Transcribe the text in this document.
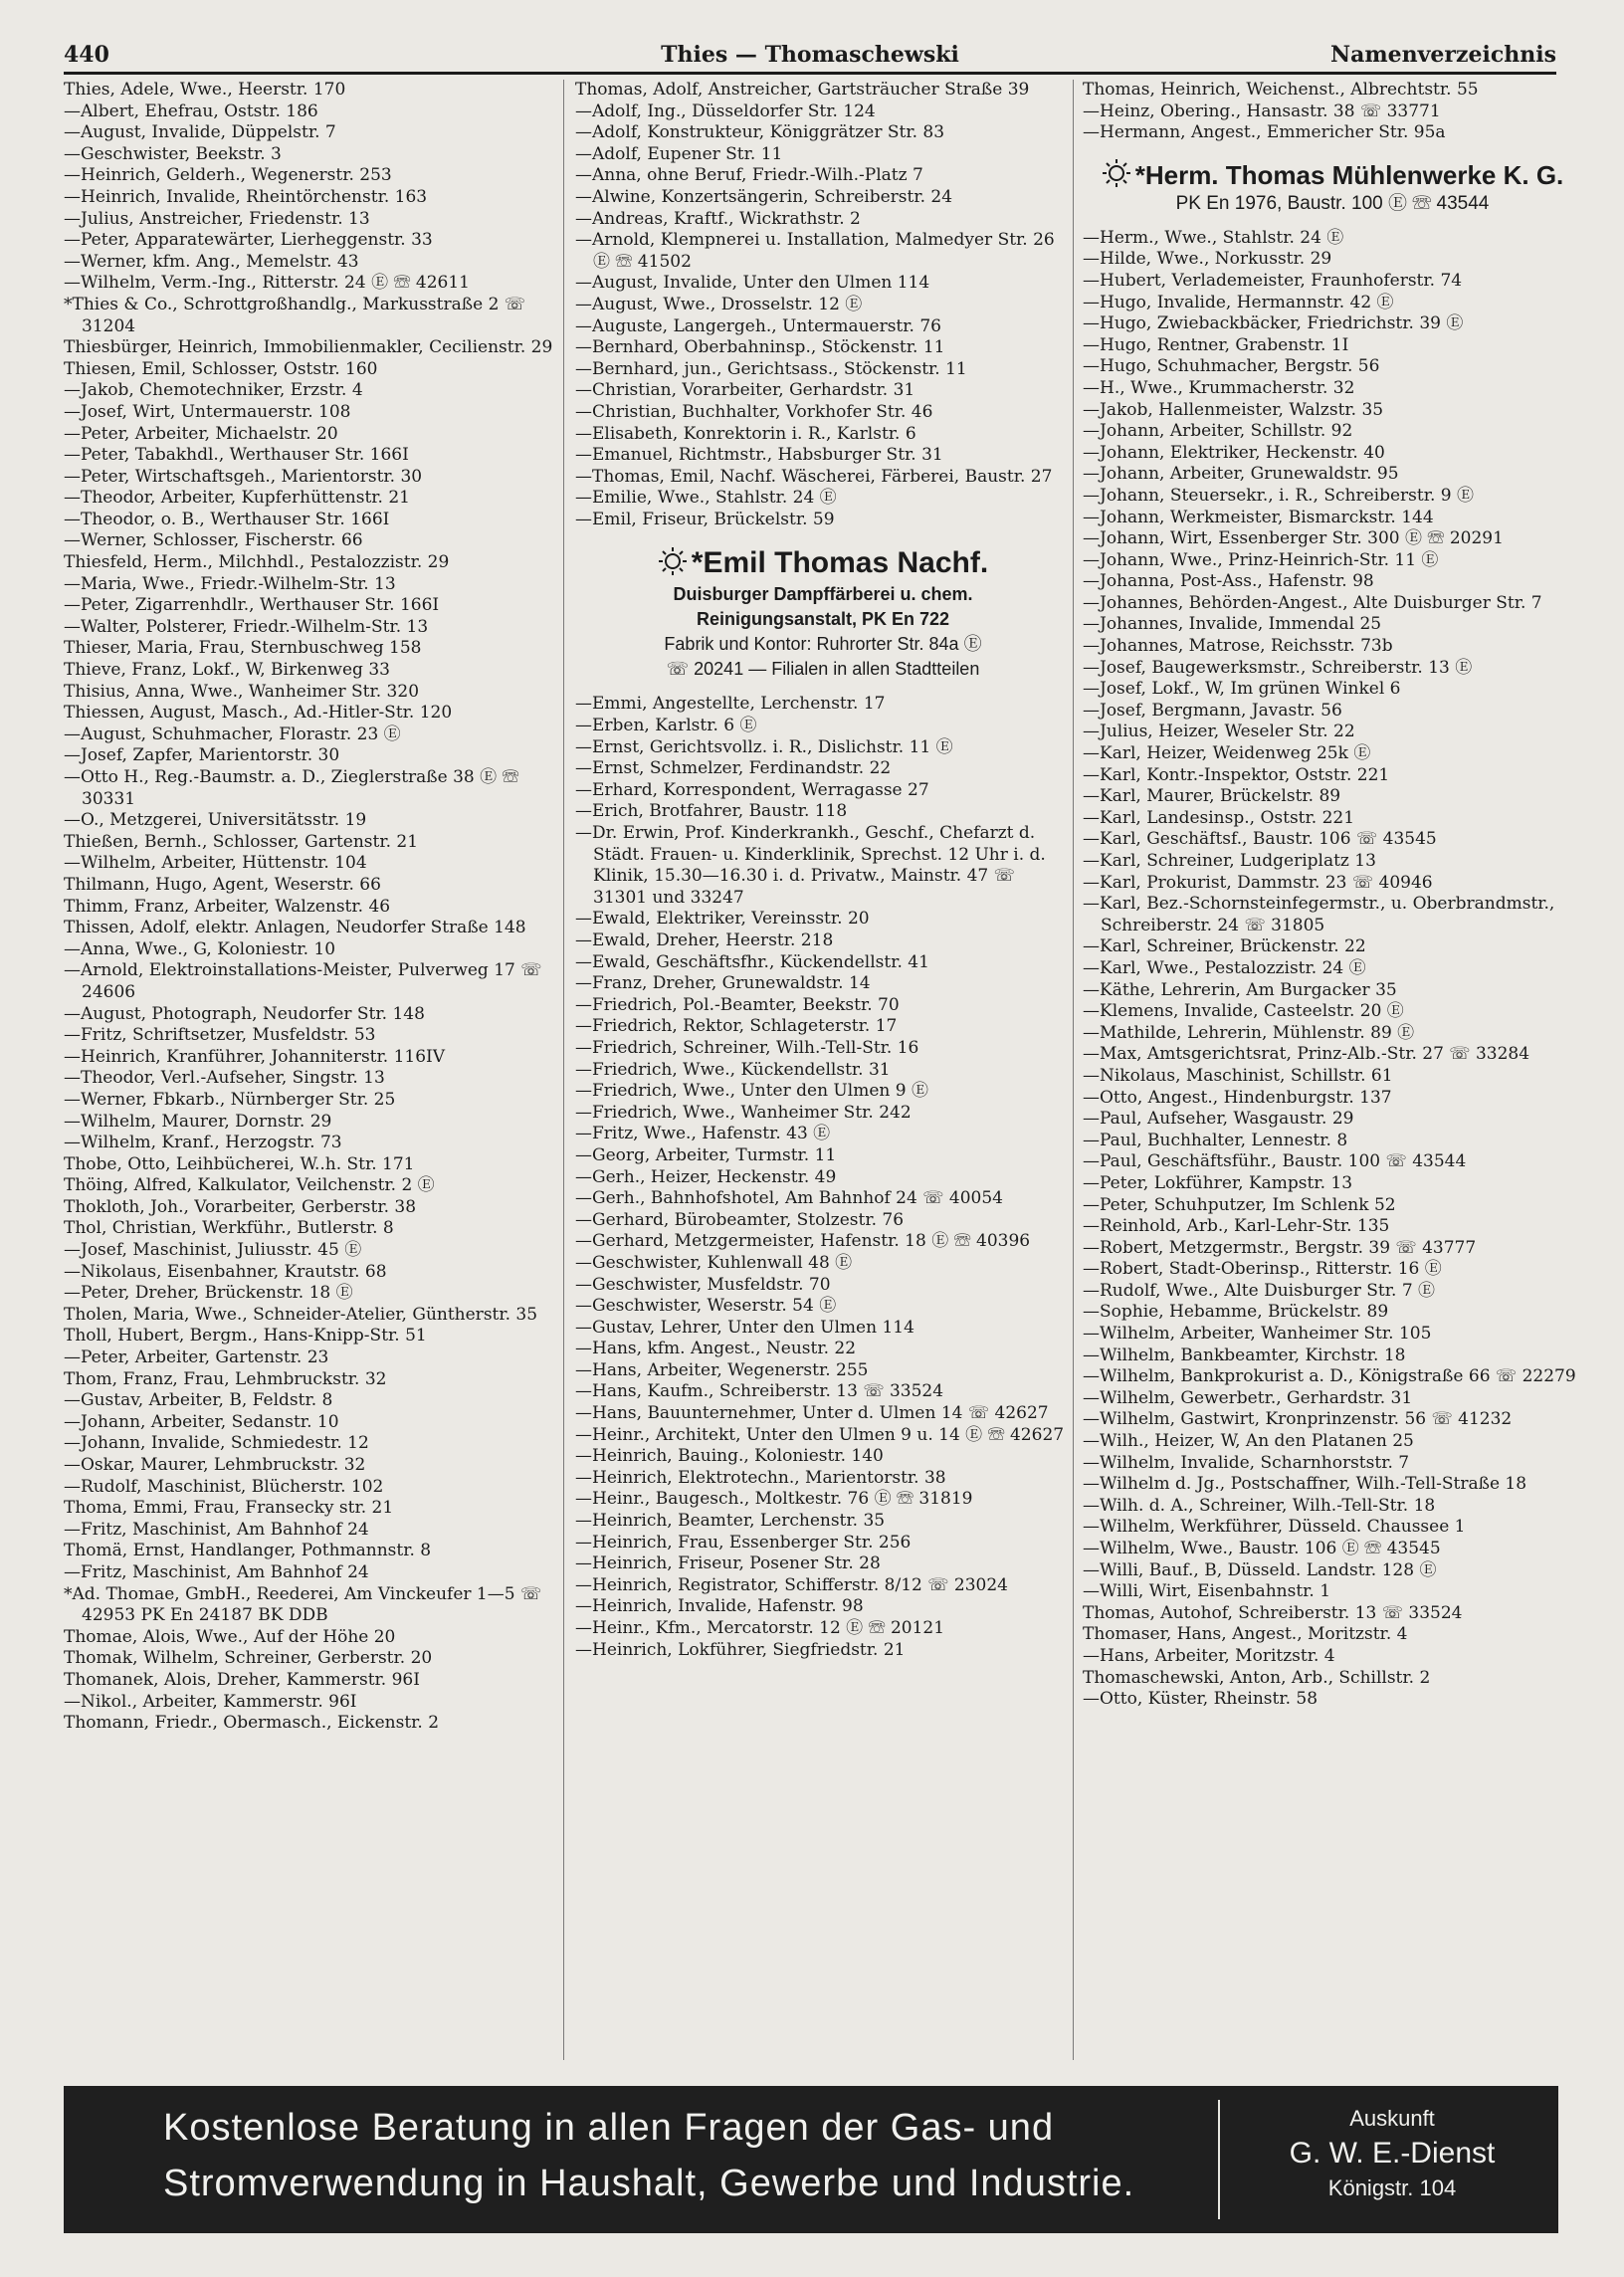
440	Thies — Thomaschewski	Namenverzeichnis

Thies, Adele, Wwe., Heerstr. 170

—Albert, Ehefrau, Oststr. 186

—August, Invalide, Düppelstr. 7

—Geschwister, Beekstr. 3

—Heinrich, Gelderh., Wegenerstr. 253

—Heinrich, Invalide, Rheintörchenstr. 163

—Julius, Anstreicher, Friedenstr. 13

—Peter, Apparatewärter, Lierheggenstr. 33

—Werner, kfm. Ang., Memelstr. 43

—Wilhelm, Verm.-Ing., Ritterstr. 24 Ⓔ ☏ 42611

*Thies & Co., Schrottgroßhandlg., Markusstraße 2 ☏ 31204

Thiesbürger, Heinrich, Immobilienmakler, Cecilienstr. 29

Thiesen, Emil, Schlosser, Oststr. 160

—Jakob, Chemotechniker, Erzstr. 4

—Josef, Wirt, Untermauerstr. 108

—Peter, Arbeiter, Michaelstr. 20

—Peter, Tabakhdl., Werthauser Str. 166I

—Peter, Wirtschaftsgeh., Marientorstr. 30

—Theodor, Arbeiter, Kupferhüttenstr. 21

—Theodor, o. B., Werthauser Str. 166I

—Werner, Schlosser, Fischerstr. 66

Thiesfeld, Herm., Milchhdl., Pestalozzistr. 29

—Maria, Wwe., Friedr.-Wilhelm-Str. 13

—Peter, Zigarrenhdlr., Werthauser Str. 166I

—Walter, Polsterer, Friedr.-Wilhelm-Str. 13

Thieser, Maria, Frau, Sternbuschweg 158

Thieve, Franz, Lokf., W, Birkenweg 33

Thisius, Anna, Wwe., Wanheimer Str. 320

Thiessen, August, Masch., Ad.-Hitler-Str. 120

—August, Schuhmacher, Florastr. 23 Ⓔ

—Josef, Zapfer, Marientorstr. 30

—Otto H., Reg.-Baumstr. a. D., Zieglerstraße 38 Ⓔ ☏ 30331

—O., Metzgerei, Universitätsstr. 19

Thießen, Bernh., Schlosser, Gartenstr. 21

—Wilhelm, Arbeiter, Hüttenstr. 104

Thilmann, Hugo, Agent, Weserstr. 66

Thimm, Franz, Arbeiter, Walzenstr. 46

Thissen, Adolf, elektr. Anlagen, Neudorfer Straße 148

—Anna, Wwe., G, Koloniestr. 10

—Arnold, Elektroinstallations-Meister, Pulverweg 17 ☏ 24606

—August, Photograph, Neudorfer Str. 148

—Fritz, Schriftsetzer, Musfeldstr. 53

—Heinrich, Kranführer, Johanniterstr. 116IV

—Theodor, Verl.-Aufseher, Singstr. 13

—Werner, Fbkarb., Nürnberger Str. 25

—Wilhelm, Maurer, Dornstr. 29

—Wilhelm, Kranf., Herzogstr. 73

Thobe, Otto, Leihbücherei, W..h. Str. 171

Thöing, Alfred, Kalkulator, Veilchenstr. 2 Ⓔ

Thokloth, Joh., Vorarbeiter, Gerberstr. 38

Thol, Christian, Werkführ., Butlerstr. 8

—Josef, Maschinist, Juliusstr. 45 Ⓔ

—Nikolaus, Eisenbahner, Krautstr. 68

—Peter, Dreher, Brückenstr. 18 Ⓔ

Tholen, Maria, Wwe., Schneider-Atelier, Güntherstr. 35

Tholl, Hubert, Bergm., Hans-Knipp-Str. 51

—Peter, Arbeiter, Gartenstr. 23

Thom, Franz, Frau, Lehmbruckstr. 32

—Gustav, Arbeiter, B, Feldstr. 8

—Johann, Arbeiter, Sedanstr. 10

—Johann, Invalide, Schmiedestr. 12

—Oskar, Maurer, Lehmbruckstr. 32

—Rudolf, Maschinist, Blücherstr. 102

Thoma, Emmi, Frau, Fransecky str. 21

—Fritz, Maschinist, Am Bahnhof 24

Thomä, Ernst, Handlanger, Pothmannstr. 8

—Fritz, Maschinist, Am Bahnhof 24

*Ad. Thomae, GmbH., Reederei, Am Vinckeufer 1—5 ☏ 42953 PK En 24187 BK DDB

Thomae, Alois, Wwe., Auf der Höhe 20

Thomak, Wilhelm, Schreiner, Gerberstr. 20

Thomanek, Alois, Dreher, Kammerstr. 96I

—Nikol., Arbeiter, Kammerstr. 96I

Thomann, Friedr., Obermasch., Eickenstr. 2

Thomas, Adolf, Anstreicher, Gartsträucher Straße 39

—Adolf, Ing., Düsseldorfer Str. 124

—Adolf, Konstrukteur, Königgrätzer Str. 83

—Adolf, Eupener Str. 11

—Anna, ohne Beruf, Friedr.-Wilh.-Platz 7

—Alwine, Konzertsängerin, Schreiberstr. 24

—Andreas, Kraftf., Wickrathstr. 2

—Arnold, Klempnerei u. Installation, Malmedyer Str. 26 Ⓔ ☏ 41502

—August, Invalide, Unter den Ulmen 114

—August, Wwe., Drosselstr. 12 Ⓔ

—Auguste, Langergeh., Untermauerstr. 76

—Bernhard, Oberbahninsp., Stöckenstr. 11

—Bernhard, jun., Gerichtsass., Stöckenstr. 11

—Christian, Vorarbeiter, Gerhardstr. 31

—Christian, Buchhalter, Vorkhofer Str. 46

—Elisabeth, Konrektorin i. R., Karlstr. 6

—Emanuel, Richtmstr., Habsburger Str. 31

—Thomas, Emil, Nachf. Wäscherei, Färberei, Baustr. 27

—Emilie, Wwe., Stahlstr. 24 Ⓔ

—Emil, Friseur, Brückelstr. 59

*Emil Thomas Nachf.
Duisburger Dampffärberei u. chem.
Reinigungsanstalt, PK En 722
Fabrik und Kontor: Ruhrorter Str. 84a Ⓔ
☏ 20241 — Filialen in allen Stadtteilen

—Emmi, Angestellte, Lerchenstr. 17

—Erben, Karlstr. 6 Ⓔ

—Ernst, Gerichtsvollz. i. R., Dislichstr. 11 Ⓔ

—Ernst, Schmelzer, Ferdinandstr. 22

—Erhard, Korrespondent, Werragasse 27

—Erich, Brotfahrer, Baustr. 118

—Dr. Erwin, Prof. Kinderkrankh., Geschf., Chefarzt d. Städt. Frauen- u. Kinderklinik, Sprechst. 12 Uhr i. d. Klinik, 15.30—16.30 i. d. Privatw., Mainstr. 47 ☏ 31301 und 33247

—Ewald, Elektriker, Vereinsstr. 20

—Ewald, Dreher, Heerstr. 218

—Ewald, Geschäftsfhr., Kückendellstr. 41

—Franz, Dreher, Grunewaldstr. 14

—Friedrich, Pol.-Beamter, Beekstr. 70

—Friedrich, Rektor, Schlageterstr. 17

—Friedrich, Schreiner, Wilh.-Tell-Str. 16

—Friedrich, Wwe., Kückendellstr. 31

—Friedrich, Wwe., Unter den Ulmen 9 Ⓔ

—Friedrich, Wwe., Wanheimer Str. 242

—Fritz, Wwe., Hafenstr. 43 Ⓔ

—Georg, Arbeiter, Turmstr. 11

—Gerh., Heizer, Heckenstr. 49

—Gerh., Bahnhofshotel, Am Bahnhof 24 ☏ 40054

—Gerhard, Bürobeamter, Stolzestr. 76

—Gerhard, Metzgermeister, Hafenstr. 18 Ⓔ ☏ 40396

—Geschwister, Kuhlenwall 48 Ⓔ

—Geschwister, Musfeldstr. 70

—Geschwister, Weserstr. 54 Ⓔ

—Gustav, Lehrer, Unter den Ulmen 114

—Hans, kfm. Angest., Neustr. 22

—Hans, Arbeiter, Wegenerstr. 255

—Hans, Kaufm., Schreiberstr. 13 ☏ 33524

—Hans, Bauunternehmer, Unter d. Ulmen 14 ☏ 42627

—Heinr., Architekt, Unter den Ulmen 9 u. 14 Ⓔ ☏ 42627

—Heinrich, Bauing., Koloniestr. 140

—Heinrich, Elektrotechn., Marientorstr. 38

—Heinr., Baugesch., Moltkestr. 76 Ⓔ ☏ 31819

—Heinrich, Beamter, Lerchenstr. 35

—Heinrich, Frau, Essenberger Str. 256

—Heinrich, Friseur, Posener Str. 28

—Heinrich, Registrator, Schifferstr. 8/12 ☏ 23024

—Heinrich, Invalide, Hafenstr. 98

—Heinr., Kfm., Mercatorstr. 12 Ⓔ ☏ 20121

—Heinrich, Lokführer, Siegfriedstr. 21

Thomas, Heinrich, Weichenst., Albrechtstr. 55

—Heinz, Obering., Hansastr. 38 ☏ 33771

—Hermann, Angest., Emmericher Str. 95a

*Herm. Thomas Mühlenwerke K. G.
PK En 1976, Baustr. 100 Ⓔ ☏ 43544

—Herm., Wwe., Stahlstr. 24 Ⓔ

—Hilde, Wwe., Norkusstr. 29

—Hubert, Verlademeister, Fraunhoferstr. 74

—Hugo, Invalide, Hermannstr. 42 Ⓔ

—Hugo, Zwiebackbäcker, Friedrichstr. 39 Ⓔ

—Hugo, Rentner, Grabenstr. 1I

—Hugo, Schuhmacher, Bergstr. 56

—H., Wwe., Krummacherstr. 32

—Jakob, Hallenmeister, Walzstr. 35

—Johann, Arbeiter, Schillstr. 92

—Johann, Elektriker, Heckenstr. 40

—Johann, Arbeiter, Grunewaldstr. 95

—Johann, Steuersekr., i. R., Schreiberstr. 9 Ⓔ

—Johann, Werkmeister, Bismarckstr. 144

—Johann, Wirt, Essenberger Str. 300 Ⓔ ☏ 20291

—Johann, Wwe., Prinz-Heinrich-Str. 11 Ⓔ

—Johanna, Post-Ass., Hafenstr. 98

—Johannes, Behörden-Angest., Alte Duisburger Str. 7

—Johannes, Invalide, Immendal 25

—Johannes, Matrose, Reichsstr. 73b

—Josef, Baugewerksmstr., Schreiberstr. 13 Ⓔ

—Josef, Lokf., W, Im grünen Winkel 6

—Josef, Bergmann, Javastr. 56

—Julius, Heizer, Weseler Str. 22

—Karl, Heizer, Weidenweg 25k Ⓔ

—Karl, Kontr.-Inspektor, Oststr. 221

—Karl, Maurer, Brückelstr. 89

—Karl, Landesinsp., Oststr. 221

—Karl, Geschäftsf., Baustr. 106 ☏ 43545

—Karl, Schreiner, Ludgeriplatz 13

—Karl, Prokurist, Dammstr. 23 ☏ 40946

—Karl, Bez.-Schornsteinfegermstr., u. Oberbrandmstr., Schreiberstr. 24 ☏ 31805

—Karl, Schreiner, Brückenstr. 22

—Karl, Wwe., Pestalozzistr. 24 Ⓔ

—Käthe, Lehrerin, Am Burgacker 35

—Klemens, Invalide, Casteelstr. 20 Ⓔ

—Mathilde, Lehrerin, Mühlenstr. 89 Ⓔ

—Max, Amtsgerichtsrat, Prinz-Alb.-Str. 27 ☏ 33284

—Nikolaus, Maschinist, Schillstr. 61

—Otto, Angest., Hindenburgstr. 137

—Paul, Aufseher, Wasgaustr. 29

—Paul, Buchhalter, Lennestr. 8

—Paul, Geschäftsführ., Baustr. 100 ☏ 43544

—Peter, Lokführer, Kampstr. 13

—Peter, Schuhputzer, Im Schlenk 52

—Reinhold, Arb., Karl-Lehr-Str. 135

—Robert, Metzgermstr., Bergstr. 39 ☏ 43777

—Robert, Stadt-Oberinsp., Ritterstr. 16 Ⓔ

—Rudolf, Wwe., Alte Duisburger Str. 7 Ⓔ

—Sophie, Hebamme, Brückelstr. 89

—Wilhelm, Arbeiter, Wanheimer Str. 105

—Wilhelm, Bankbeamter, Kirchstr. 18

—Wilhelm, Bankprokurist a. D., Königstraße 66 ☏ 22279

—Wilhelm, Gewerbetr., Gerhardstr. 31

—Wilhelm, Gastwirt, Kronprinzenstr. 56 ☏ 41232

—Wilh., Heizer, W, An den Platanen 25

—Wilhelm, Invalide, Scharnhorststr. 7

—Wilhelm d. Jg., Postschaffner, Wilh.-Tell-Straße 18

—Wilh. d. A., Schreiner, Wilh.-Tell-Str. 18

—Wilhelm, Werkführer, Düsseld. Chaussee 1

—Wilhelm, Wwe., Baustr. 106 Ⓔ ☏ 43545

—Willi, Bauf., B, Düsseld. Landstr. 128 Ⓔ

—Willi, Wirt, Eisenbahnstr. 1

Thomas, Autohof, Schreiberstr. 13 ☏ 33524

Thomaser, Hans, Angest., Moritzstr. 4

—Hans, Arbeiter, Moritzstr. 4

Thomaschewski, Anton, Arb., Schillstr. 2

—Otto, Küster, Rheinstr. 58

Kostenlose Beratung in allen Fragen der Gas- und
Stromverwendung in Haushalt, Gewerbe und Industrie.
Auskunft
G. W. E.-Dienst
Königstr. 104
